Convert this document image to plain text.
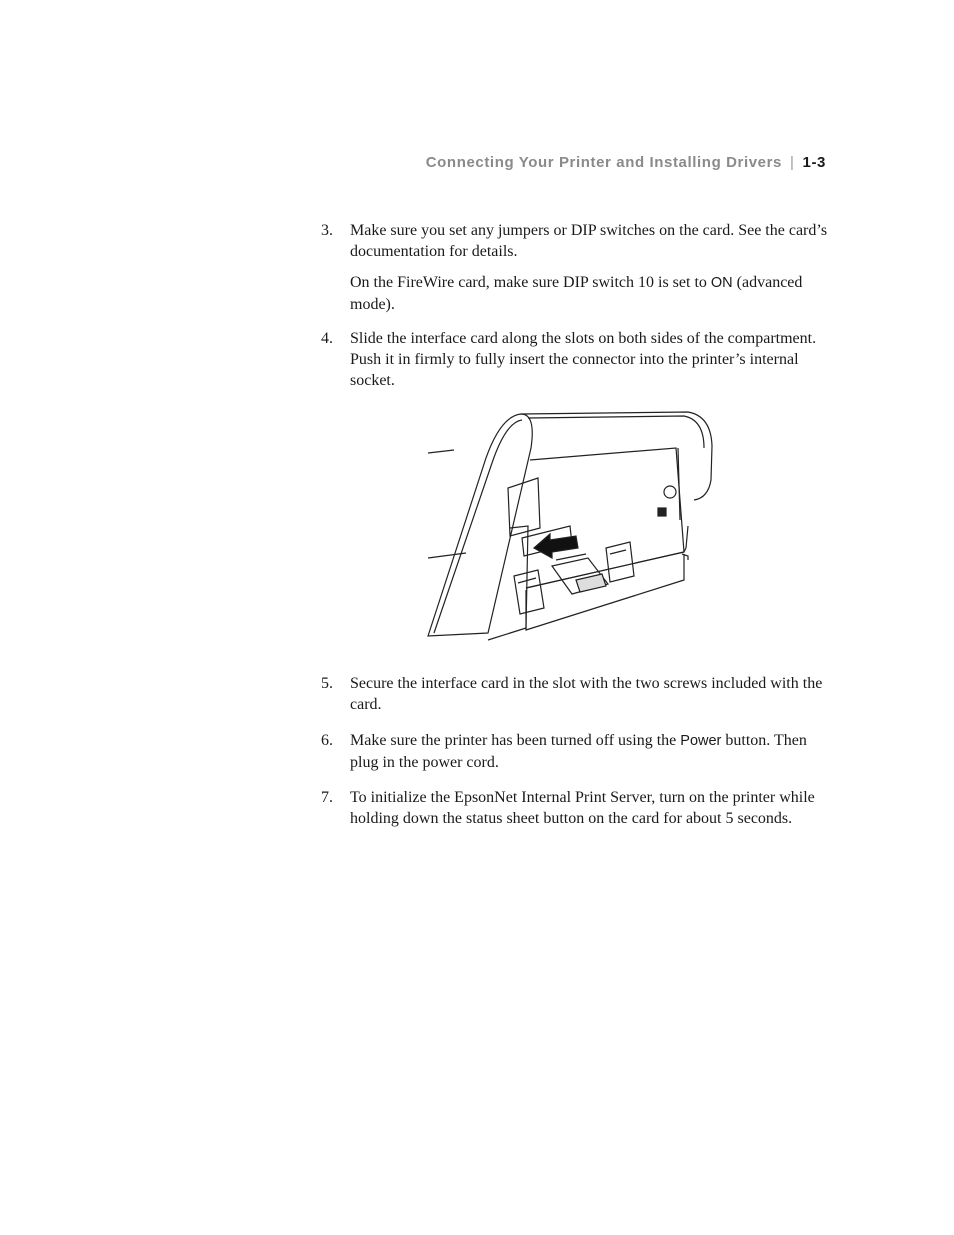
Connecting Your Printer and Installing Drivers | 1-3
3. Make sure you set any jumpers or DIP switches on the card. See the card’s documentation for details.

On the FireWire card, make sure DIP switch 10 is set to ON (advanced mode).

4. Slide the interface card along the slots on both sides of the compartment. Push it in firmly to fully insert the connector into the printer’s internal socket.

5. Secure the interface card in the slot with the two screws included with the card.

6. Make sure the printer has been turned off using the Power button. Then plug in the power cord.

7. To initialize the EpsonNet Internal Print Server, turn on the printer while holding down the status sheet button on the card for about 5 seconds.
